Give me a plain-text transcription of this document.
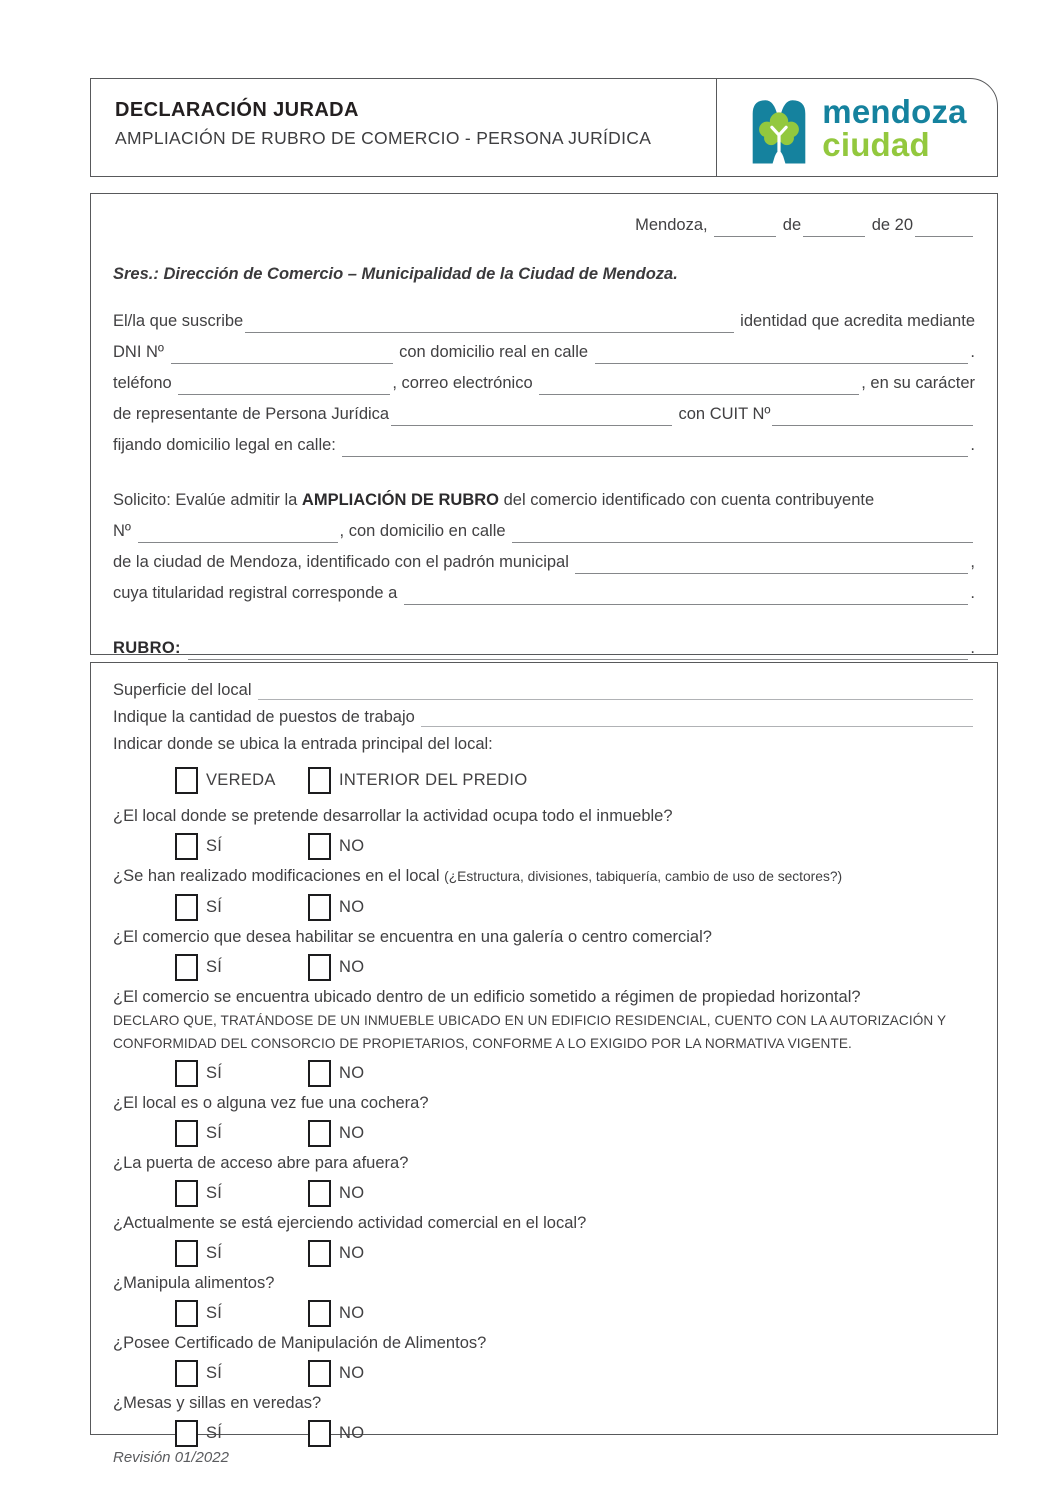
DECLARACIÓN JURADA
AMPLIACIÓN DE RUBRO DE COMERCIO - PERSONA JURÍDICA
mendoza
ciudad
Mendoza,	de	de 20
Sres.: Dirección de Comercio – Municipalidad de la Ciudad de Mendoza.
El/la que suscribe	identidad que acredita mediante
DNI Nº	con domicilio real en calle	.
teléfono	, correo electrónico	, en su carácter
de representante de Persona Jurídica	con CUIT Nº
fijando domicilio legal en calle:	.
Solicito: Evalúe admitir la AMPLIACIÓN DE RUBRO del comercio identificado con cuenta contribuyente
Nº	, con domicilio en calle
de la ciudad de Mendoza, identificado con el padrón municipal	,
cuya titularidad registral corresponde a	.
RUBRO:	.
Superficie del local
Indique la cantidad de puestos de trabajo
Indicar donde se ubica la entrada principal del local:
VEREDA	INTERIOR DEL PREDIO
¿El local donde se pretende desarrollar la actividad ocupa todo el inmueble?
SÍ	NO
¿Se han realizado modificaciones en el local (¿Estructura, divisiones, tabiquería, cambio de uso de sectores?)
SÍ	NO
¿El comercio que desea habilitar se encuentra en una galería o centro comercial?
SÍ	NO
¿El comercio se encuentra ubicado dentro de un edificio sometido a régimen de propiedad horizontal?
DECLARO QUE, TRATÁNDOSE DE UN INMUEBLE UBICADO EN UN EDIFICIO RESIDENCIAL, CUENTO CON LA AUTORIZACIÓN Y CONFORMIDAD DEL CONSORCIO DE PROPIETARIOS, CONFORME A LO EXIGIDO POR LA NORMATIVA VIGENTE.
SÍ	NO
¿El local es o alguna vez fue una cochera?
SÍ	NO
¿La puerta de acceso abre para afuera?
SÍ	NO
¿Actualmente se está ejerciendo actividad comercial en el local?
SÍ	NO
¿Manipula alimentos?
SÍ	NO
¿Posee Certificado de Manipulación de Alimentos?
SÍ	NO
¿Mesas y sillas en veredas?
SÍ	NO
Revisión 01/2022
